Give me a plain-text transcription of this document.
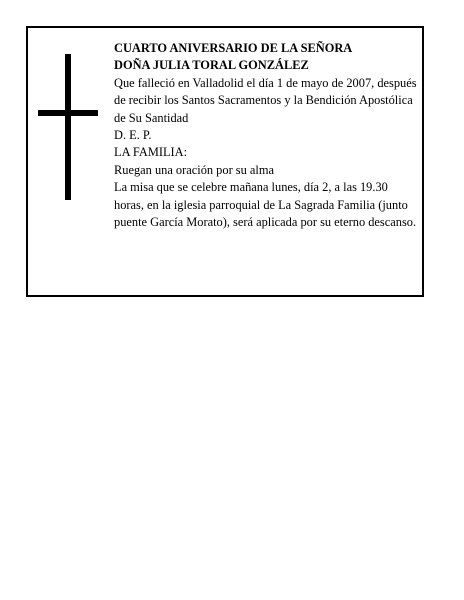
CUARTO ANIVERSARIO DE LA SEÑORA
DOÑA JULIA TORAL GONZÁLEZ
Que falleció en Valladolid el día 1 de mayo de 2007, después de recibir los Santos Sacramentos y la Bendición Apostólica de Su Santidad
D. E. P.
LA FAMILIA:
Ruegan una oración por su alma
La misa que se celebre mañana lunes, día 2, a las 19.30 horas, en la iglesia parroquial de La Sagrada Familia (junto puente García Morato), será aplicada por su eterno descanso.
